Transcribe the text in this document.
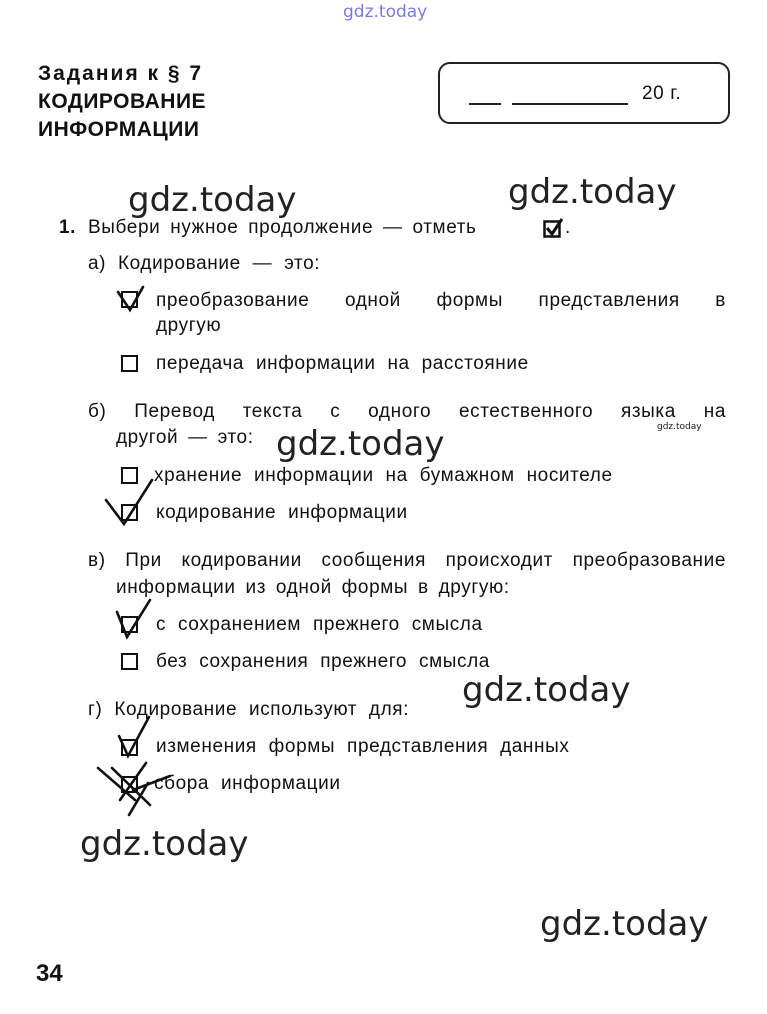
gdz.today
gdz.today	gdz.today
gdz.today	gdz.today
gdz.today
gdz.today
gdz.today
Задания к § 7
КОДИРОВАНИЕ
ИНФОРМАЦИИ
20 г.
1. Выбери нужное продолжение — отметь	.
а) Кодирование — это:
преобразование одной формы представления в
другую
передача информации на расстояние
б) Перевод текста с одного естественного языка на
другой — это:
хранение информации на бумажном носителе
кодирование информации
в) При кодировании сообщения происходит преобразование
информации из одной формы в другую:
с сохранением прежнего смысла
без сохранения прежнего смысла
г) Кодирование используют для:
изменения формы представления данных
сбора информации
34
